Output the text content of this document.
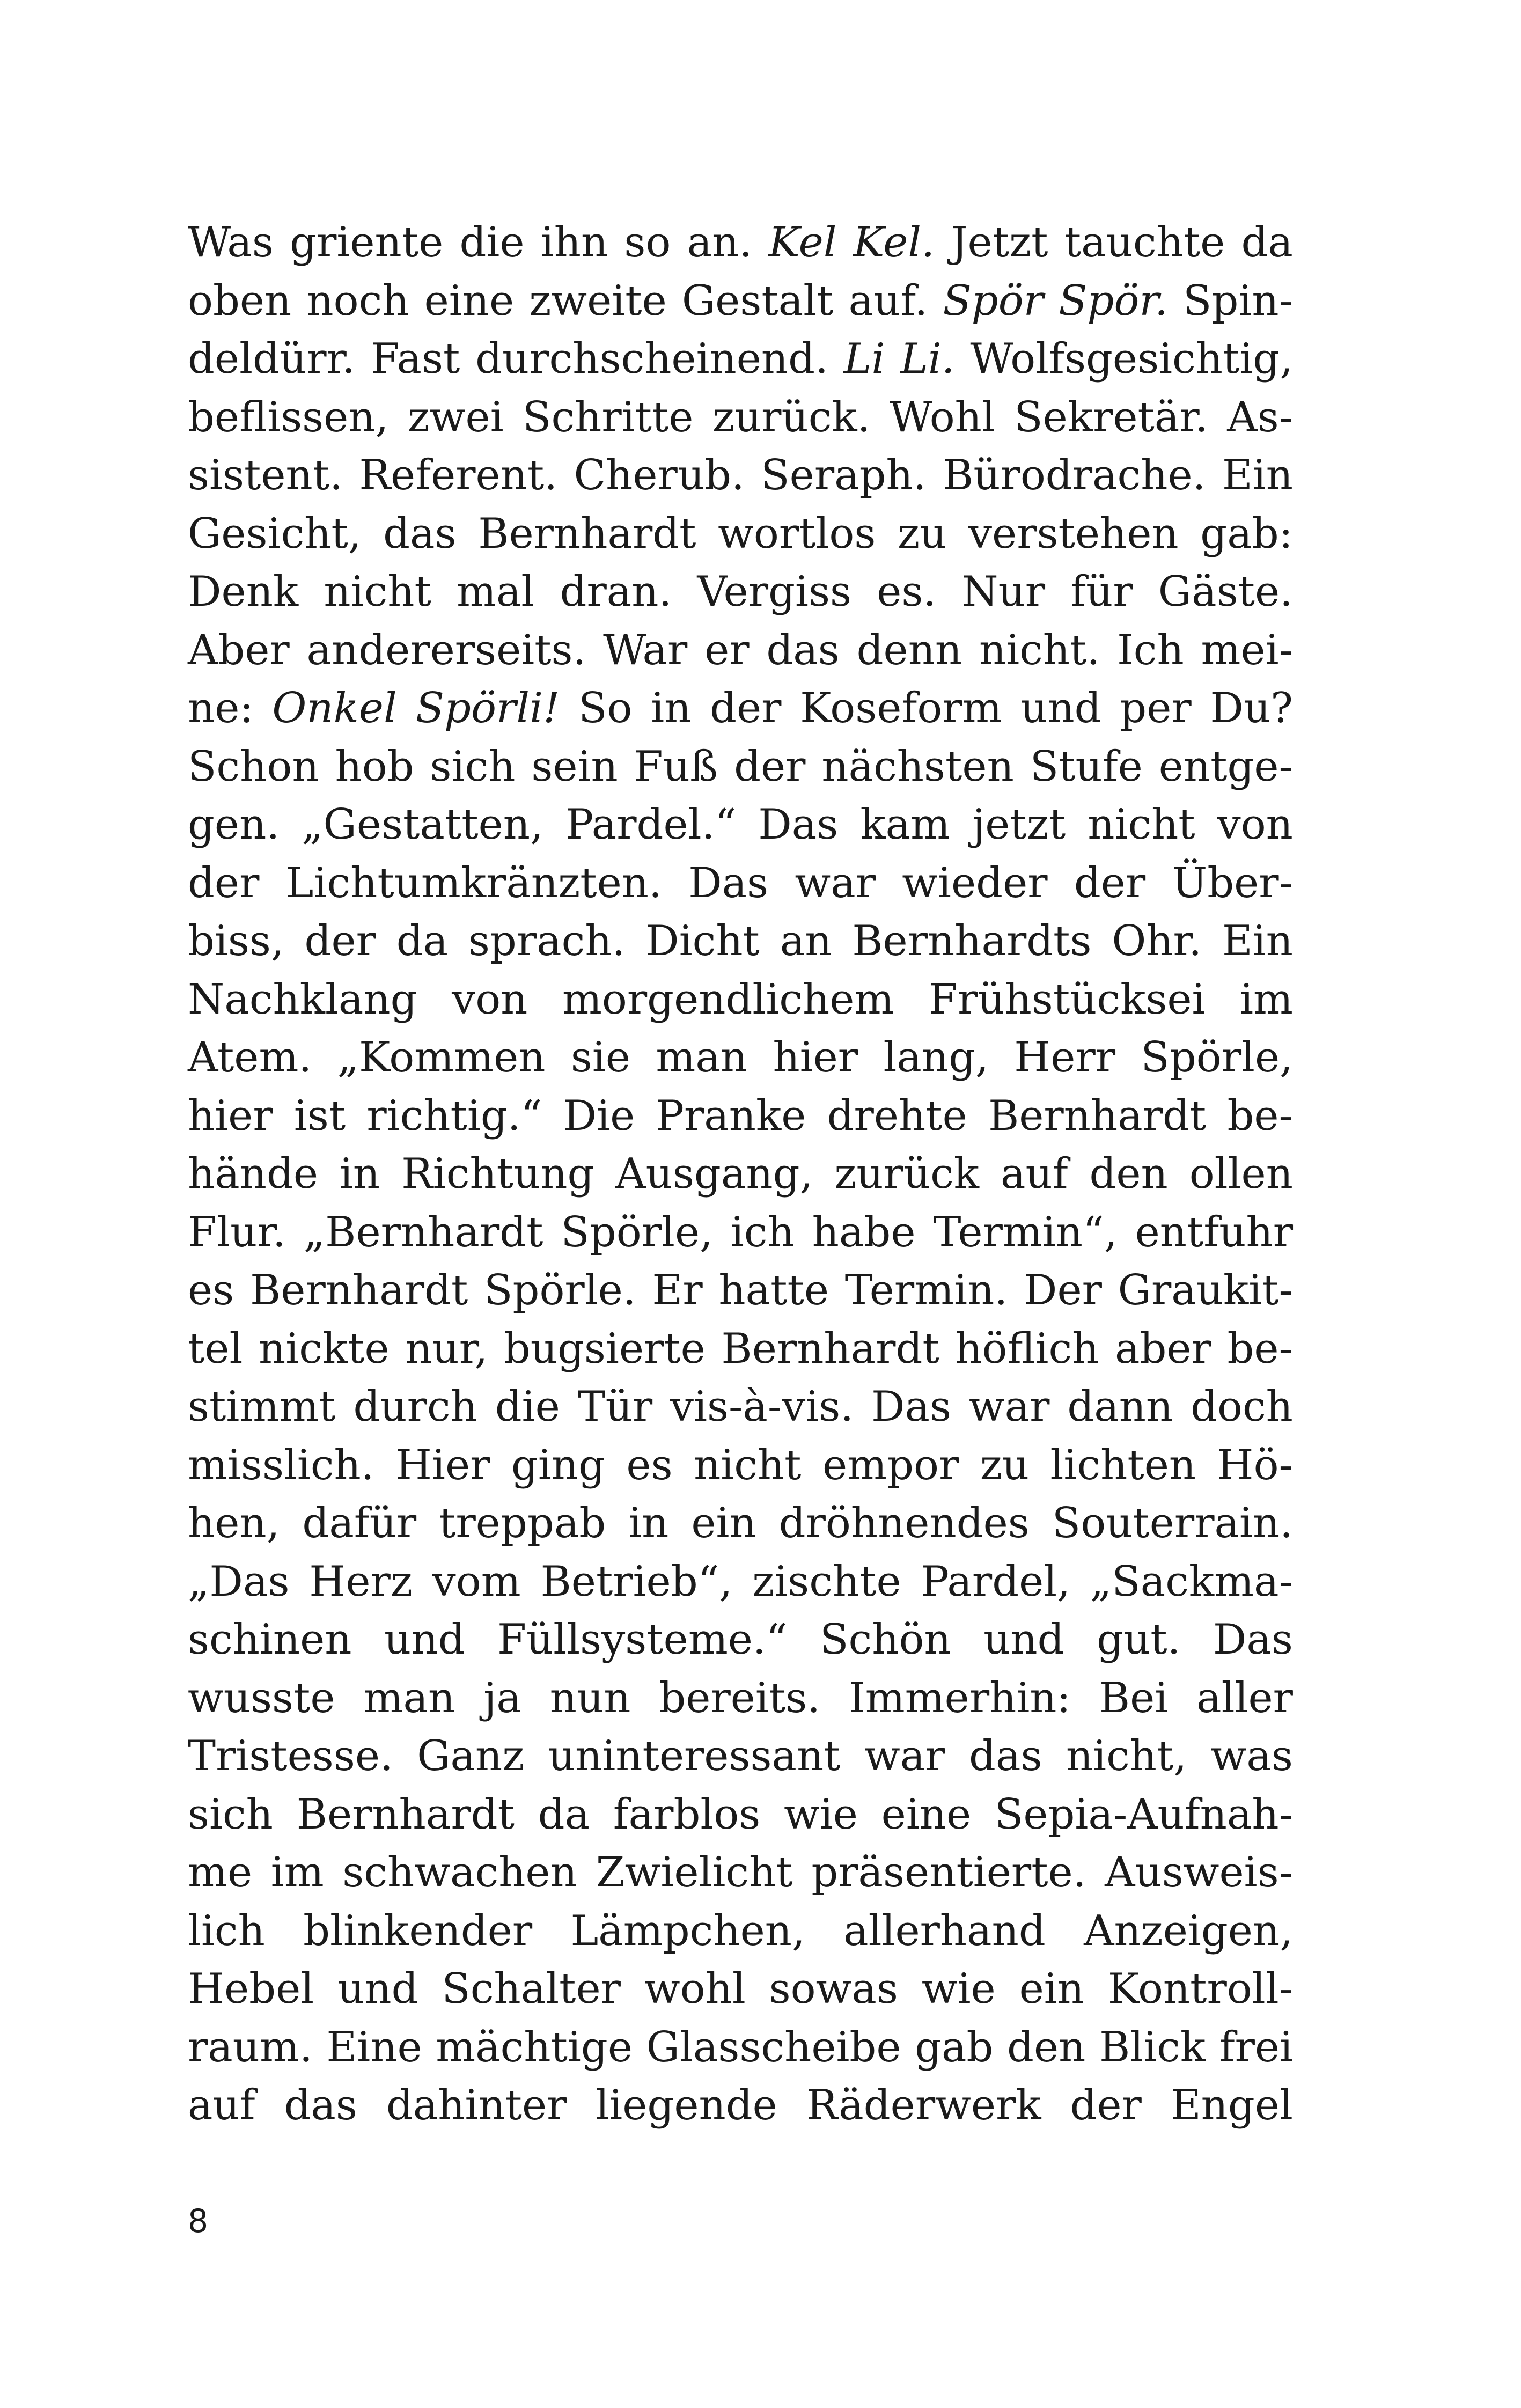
Was griente die ihn so an. Kel Kel. Jetzt tauchte da
oben noch eine zweite Gestalt auf. Spör Spör. Spin-
deldürr. Fast durchscheinend. Li Li. Wolfsgesichtig,
beflissen, zwei Schritte zurück. Wohl Sekretär. As-
sistent. Referent. Cherub. Seraph. Bürodrache. Ein
Gesicht, das Bernhardt wortlos zu verstehen gab:
Denk nicht mal dran. Vergiss es. Nur für Gäste.
Aber andererseits. War er das denn nicht. Ich mei-
ne: Onkel Spörli! So in der Koseform und per Du?
Schon hob sich sein Fuß der nächsten Stufe entge-
gen. „Gestatten, Pardel.“ Das kam jetzt nicht von
der Lichtumkränzten. Das war wieder der Über-
biss, der da sprach. Dicht an Bernhardts Ohr. Ein
Nachklang von morgendlichem Frühstücksei im
Atem. „Kommen sie man hier lang, Herr Spörle,
hier ist richtig.“ Die Pranke drehte Bernhardt be-
hände in Richtung Ausgang, zurück auf den ollen
Flur. „Bernhardt Spörle, ich habe Termin“, entfuhr
es Bernhardt Spörle. Er hatte Termin. Der Graukit-
tel nickte nur, bugsierte Bernhardt höflich aber be-
stimmt durch die Tür vis-à-vis. Das war dann doch
misslich. Hier ging es nicht empor zu lichten Hö-
hen, dafür treppab in ein dröhnendes Souterrain.
„Das Herz vom Betrieb“, zischte Pardel, „Sackma-
schinen und Füllsysteme.“ Schön und gut. Das
wusste man ja nun bereits. Immerhin: Bei aller
Tristesse. Ganz uninteressant war das nicht, was
sich Bernhardt da farblos wie eine Sepia-Aufnah-
me im schwachen Zwielicht präsentierte. Ausweis-
lich blinkender Lämpchen, allerhand Anzeigen,
Hebel und Schalter wohl sowas wie ein Kontroll-
raum. Eine mächtige Glasscheibe gab den Blick frei
auf das dahinter liegende Räderwerk der Engel
8
